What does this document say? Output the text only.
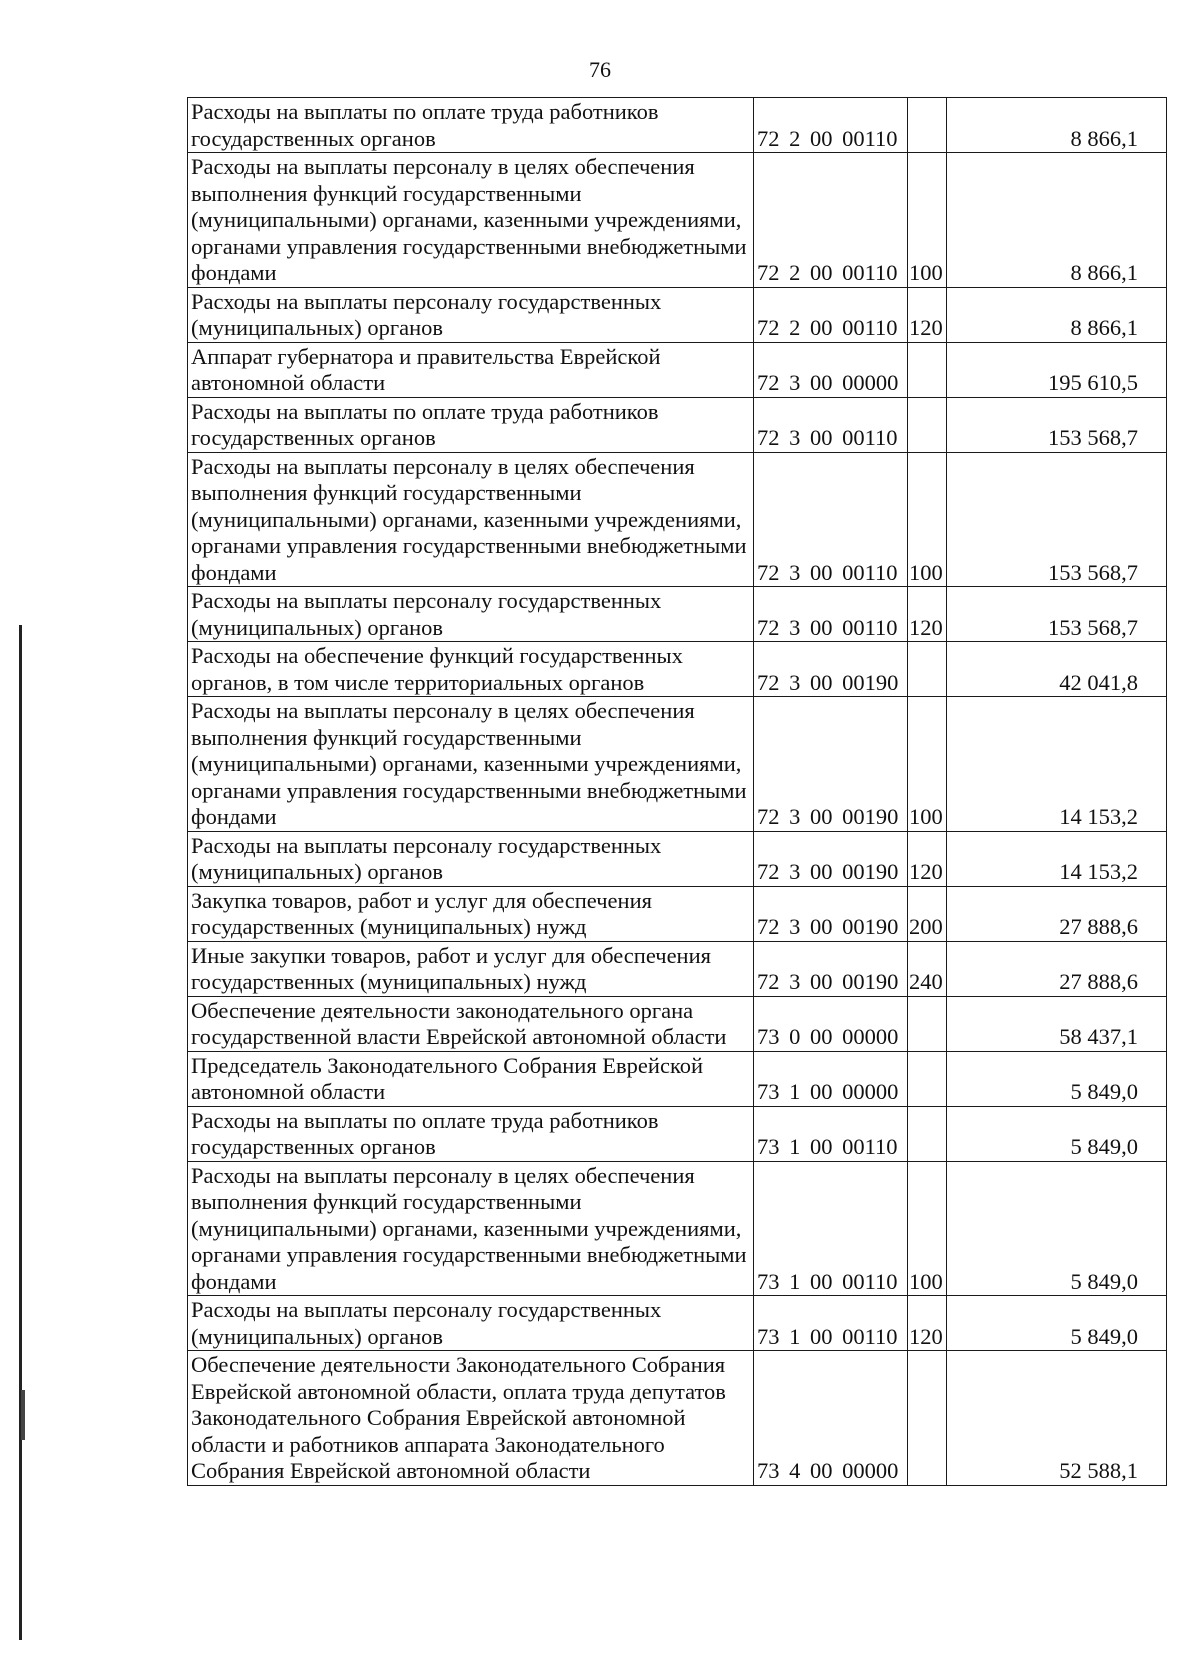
76
Расходы на выплаты по оплате труда работников государственных органов	72 2 00 00110		8 866,1
Расходы на выплаты персоналу в целях обеспечения выполнения функций государственными (муниципальными) органами, казенными учреждениями, органами управления государственными внебюджетными фондами	72 2 00 00110	100	8 866,1
Расходы на выплаты персоналу государственных (муниципальных) органов	72 2 00 00110	120	8 866,1
Аппарат губернатора и правительства Еврейской автономной области	72 3 00 00000		195 610,5
Расходы на выплаты по оплате труда работников государственных органов	72 3 00 00110		153 568,7
Расходы на выплаты персоналу в целях обеспечения выполнения функций государственными (муниципальными) органами, казенными учреждениями, органами управления государственными внебюджетными фондами	72 3 00 00110	100	153 568,7
Расходы на выплаты персоналу государственных (муниципальных) органов	72 3 00 00110	120	153 568,7
Расходы на обеспечение функций государственных органов, в том числе территориальных органов	72 3 00 00190		42 041,8
Расходы на выплаты персоналу в целях обеспечения выполнения функций государственными (муниципальными) органами, казенными учреждениями, органами управления государственными внебюджетными фондами	72 3 00 00190	100	14 153,2
Расходы на выплаты персоналу государственных (муниципальных) органов	72 3 00 00190	120	14 153,2
Закупка товаров, работ и услуг для обеспечения государственных (муниципальных) нужд	72 3 00 00190	200	27 888,6
Иные закупки товаров, работ и услуг для обеспечения государственных (муниципальных) нужд	72 3 00 00190	240	27 888,6
Обеспечение деятельности законодательного органа государственной власти Еврейской автономной области	73 0 00 00000		58 437,1
Председатель Законодательного Собрания Еврейской автономной области	73 1 00 00000		5 849,0
Расходы на выплаты по оплате труда работников государственных органов	73 1 00 00110		5 849,0
Расходы на выплаты персоналу в целях обеспечения выполнения функций государственными (муниципальными) органами, казенными учреждениями, органами управления государственными внебюджетными фондами	73 1 00 00110	100	5 849,0
Расходы на выплаты персоналу государственных (муниципальных) органов	73 1 00 00110	120	5 849,0
Обеспечение деятельности Законодательного Собрания Еврейской автономной области, оплата труда депутатов Законодательного Собрания Еврейской автономной области и работников аппарата Законодательного Собрания Еврейской автономной области	73 4 00 00000		52 588,1
